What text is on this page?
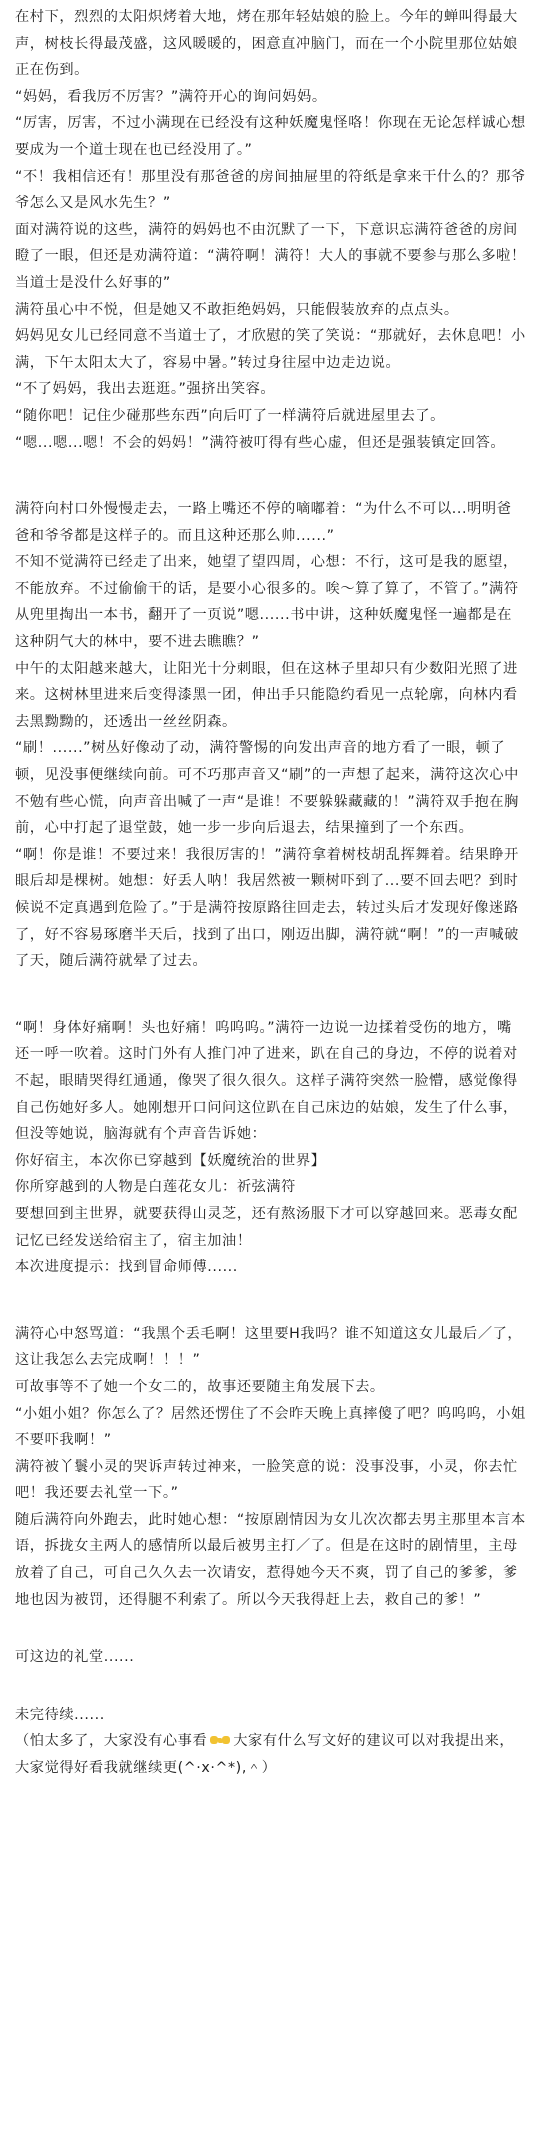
在村下，烈烈的太阳炽烤着大地，烤在那年轻姑娘的脸上。今年的蝉叫得最大声，树枝长得最茂盛，这风暖暖的，困意直冲脑门，而在一个小院里那位姑娘正在伤到。

“妈妈，看我厉不厉害？”满符开心的询问妈妈。

“厉害，厉害，不过小满现在已经没有这种妖魔鬼怪咯！你现在无论怎样诚心想要成为一个道士现在也已经没用了。”

“不！我相信还有！那里没有那爸爸的房间抽屉里的符纸是拿来干什么的？那爷爷怎么又是风水先生？”

面对满符说的这些，满符的妈妈也不由沉默了一下，下意识忘满符爸爸的房间瞪了一眼，但还是劝满符道：“满符啊！满符！大人的事就不要参与那么多啦！当道士是没什么好事的”

满符虽心中不悦，但是她又不敢拒绝妈妈，只能假装放弃的点点头。

妈妈见女儿已经同意不当道士了，才欣慰的笑了笑说：“那就好，去休息吧！小满，下午太阳太大了，容易中暑。”转过身往屋中边走边说。

“不了妈妈，我出去逛逛。”强挤出笑容。

“随你吧！记住少碰那些东西”向后叮了一样满符后就进屋里去了。

“嗯...嗯...嗯！不会的妈妈！”满符被叮得有些心虚，但还是强装镇定回答。

满符向村口外慢慢走去，一路上嘴还不停的嘀嘟着：“为什么不可以...明明爸爸和爷爷都是这样子的。而且这种还那么帅......”

不知不觉满符已经走了出来，她望了望四周，心想：不行，这可是我的愿望，不能放弃。不过偷偷干的话，是要小心很多的。唉～算了算了，不管了。”满符从兜里掏出一本书，翻开了一页说”嗯......书中讲，这种妖魔鬼怪一遍都是在这种阴气大的林中，要不进去瞧瞧？”

中午的太阳越来越大，让阳光十分刺眼，但在这林子里却只有少数阳光照了进来。这树林里进来后变得漆黑一团，伸出手只能隐约看见一点轮廓，向林内看去黑黝黝的，还透出一丝丝阴森。

“刷！......”树丛好像动了动，满符警惕的向发出声音的地方看了一眼，顿了顿，见没事便继续向前。可不巧那声音又“刷”的一声想了起来，满符这次心中不勉有些心慌，向声音出喊了一声“是谁！不要躲躲藏藏的！”满符双手抱在胸前，心中打起了退堂鼓，她一步一步向后退去，结果撞到了一个东西。

“啊！你是谁！不要过来！我很厉害的！”满符拿着树枝胡乱挥舞着。结果睁开眼后却是棵树。她想：好丢人呐！我居然被一颗树吓到了...要不回去吧？到时候说不定真遇到危险了。”于是满符按原路往回走去，转过头后才发现好像迷路了，好不容易琢磨半天后，找到了出口，刚迈出脚，满符就“啊！”的一声喊破了天，随后满符就晕了过去。

“啊！身体好痛啊！头也好痛！呜呜呜。”满符一边说一边揉着受伤的地方，嘴还一呼一吹着。这时门外有人推门冲了进来，趴在自己的身边，不停的说着对不起，眼睛哭得红通通，像哭了很久很久。这样子满符突然一脸懵，感觉像得自己伤她好多人。她刚想开口问问这位趴在自己床边的姑娘，发生了什么事，但没等她说，脑海就有个声音告诉她：

你好宿主，本次你已穿越到【妖魔统治的世界】

你所穿越到的人物是白莲花女儿：祈弦满符

要想回到主世界，就要获得山灵芝，还有熬汤服下才可以穿越回来。恶毒女配记忆已经发送给宿主了，宿主加油！

本次进度提示：找到冒命师傅......

满符心中怒骂道：“我黑个丢毛啊！这里要H我吗？谁不知道这女儿最后／了，这让我怎么去完成啊！！！”

可故事等不了她一个女二的，故事还要随主角发展下去。

“小姐小姐？你怎么了？居然还愣住了不会昨天晚上真摔傻了吧？呜呜呜，小姐不要吓我啊！”

满符被丫鬟小灵的哭诉声转过神来，一脸笑意的说：没事没事，小灵，你去忙吧！我还要去礼堂一下。”

随后满符向外跑去，此时她心想：“按原剧情因为女儿次次都去男主那里本言本语，拆拢女主两人的感情所以最后被男主打／了。但是在这时的剧情里，主母放着了自己，可自己久久去一次请安，惹得她今天不爽，罚了自己的爹爹，爹地也因为被罚，还得腿不利索了。所以今天我得赶上去，救自己的爹！”

可这边的礼堂......

未完待续......

（怕太多了，大家没有心事看 大家有什么写文好的建议可以对我提出来，大家觉得好看我就继续更(^·x·^*),＾）
